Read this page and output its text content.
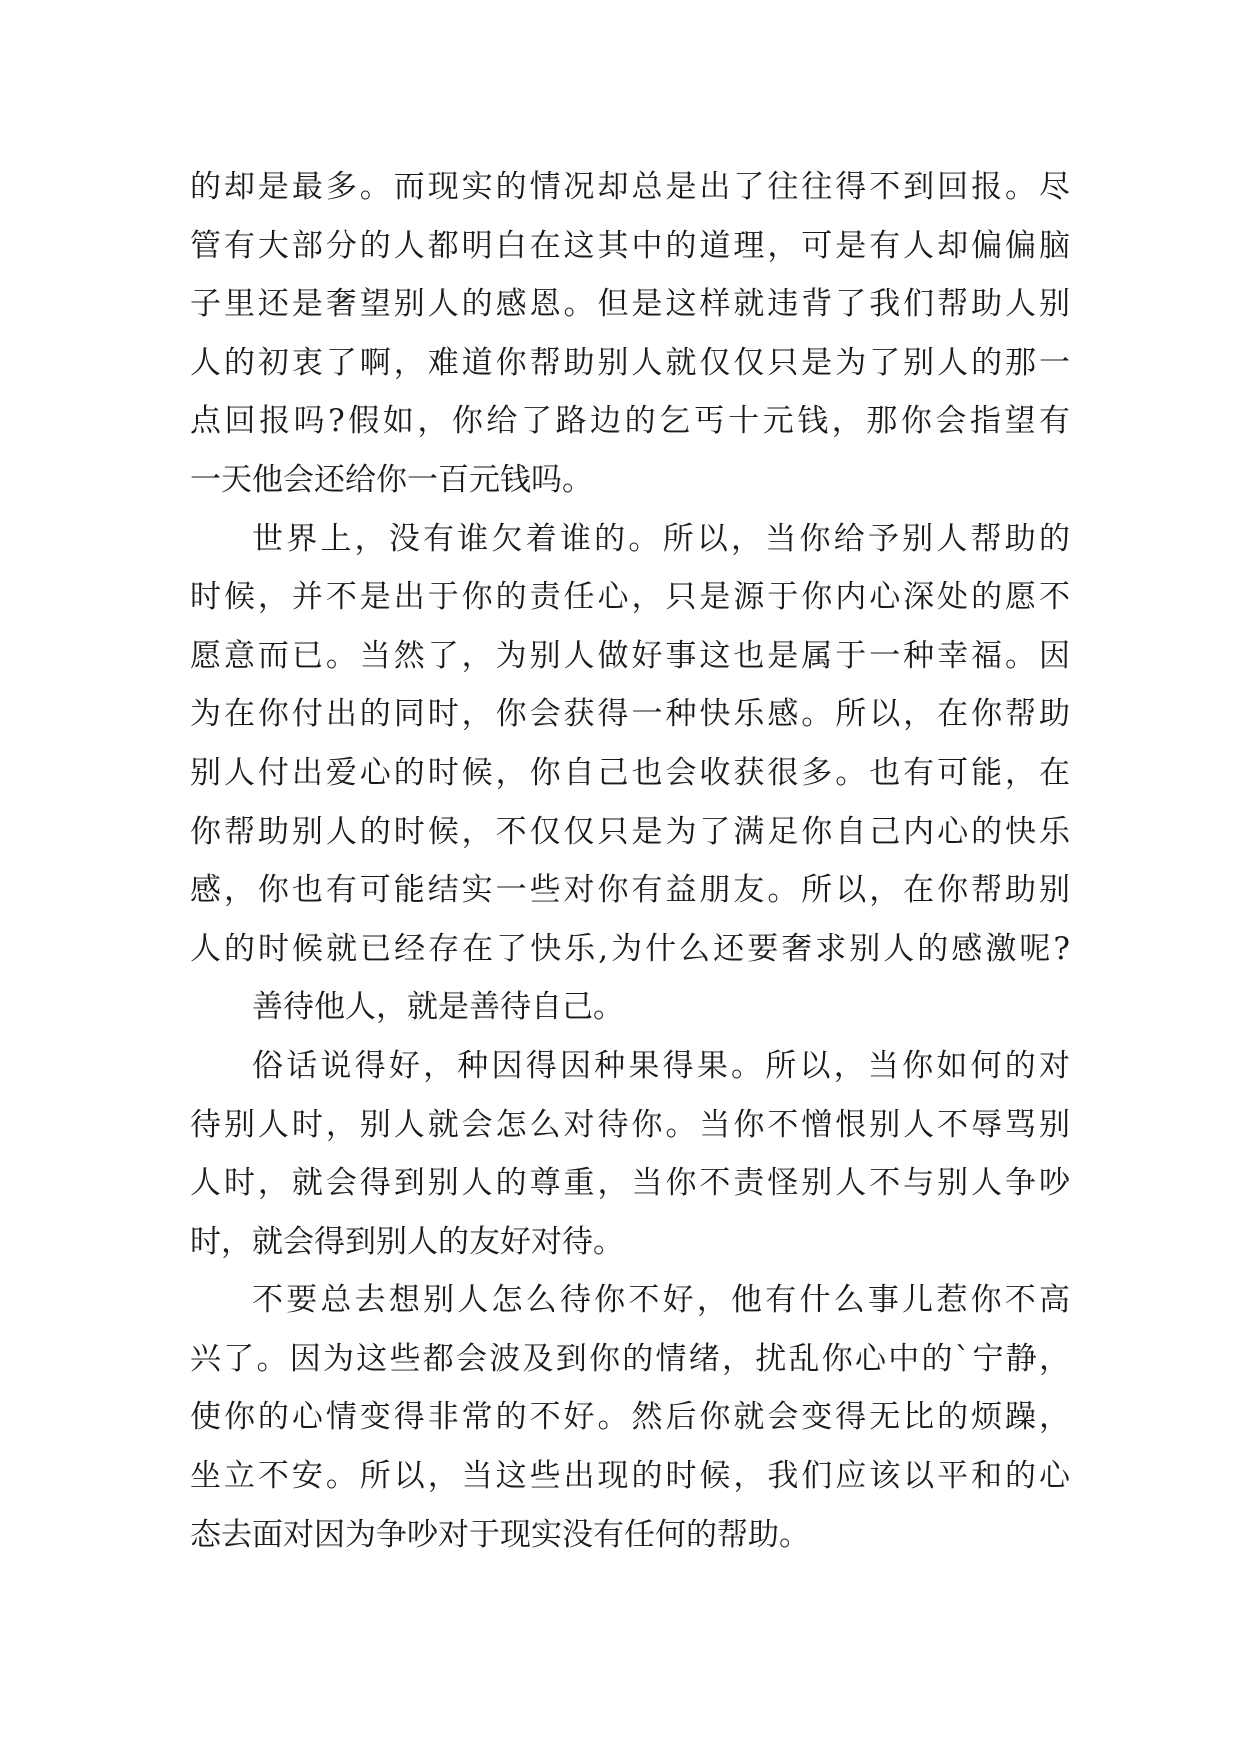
的却是最多。而现实的情况却总是出了往往得不到回报。尽
管有大部分的人都明白在这其中的道理，可是有人却偏偏脑
子里还是奢望别人的感恩。但是这样就违背了我们帮助人别
人的初衷了啊，难道你帮助别人就仅仅只是为了别人的那一
点回报吗?假如，你给了路边的乞丐十元钱，那你会指望有
一天他会还给你一百元钱吗。
世界上，没有谁欠着谁的。所以，当你给予别人帮助的
时候，并不是出于你的责任心，只是源于你内心深处的愿不
愿意而已。当然了，为别人做好事这也是属于一种幸福。因
为在你付出的同时，你会获得一种快乐感。所以，在你帮助
别人付出爱心的时候，你自己也会收获很多。也有可能，在
你帮助别人的时候，不仅仅只是为了满足你自己内心的快乐
感，你也有可能结实一些对你有益朋友。所以，在你帮助别
人的时候就已经存在了快乐,为什么还要奢求别人的感激呢?
善待他人，就是善待自己。
俗话说得好，种因得因种果得果。所以，当你如何的对
待别人时，别人就会怎么对待你。当你不憎恨别人不辱骂别
人时，就会得到别人的尊重，当你不责怪别人不与别人争吵
时，就会得到别人的友好对待。
不要总去想别人怎么待你不好，他有什么事儿惹你不高
兴了。因为这些都会波及到你的情绪，扰乱你心中的`宁静，
使你的心情变得非常的不好。然后你就会变得无比的烦躁，
坐立不安。所以，当这些出现的时候，我们应该以平和的心
态去面对因为争吵对于现实没有任何的帮助。
